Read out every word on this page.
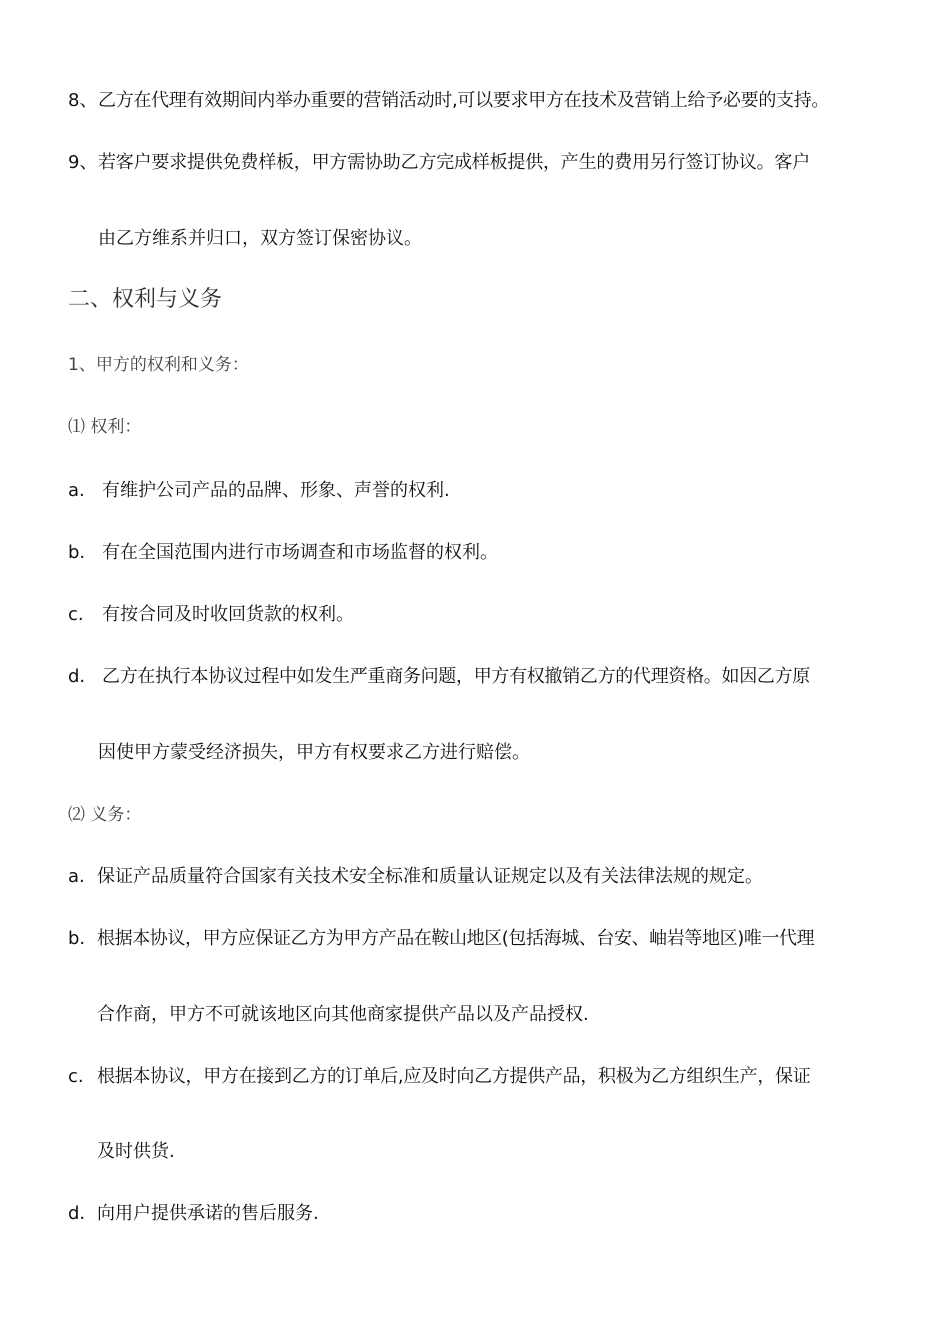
8、乙方在代理有效期间内举办重要的营销活动时,可以要求甲方在技术及营销上给予必要的支持。
9、若客户要求提供免费样板，甲方需协助乙方完成样板提供，产生的费用另行签订协议。客户
由乙方维系并归口，双方签订保密协议。
二、权利与义务
1、甲方的权利和义务：
⑴ 权利：
a. 有维护公司产品的品牌、形象、声誉的权利.
b. 有在全国范围内进行市场调查和市场监督的权利。
c. 有按合同及时收回货款的权利。
d. 乙方在执行本协议过程中如发生严重商务问题，甲方有权撤销乙方的代理资格。如因乙方原
因使甲方蒙受经济损失，甲方有权要求乙方进行赔偿。
⑵ 义务：
a. 保证产品质量符合国家有关技术安全标准和质量认证规定以及有关法律法规的规定。
b. 根据本协议，甲方应保证乙方为甲方产品在鞍山地区(包括海城、台安、岫岩等地区)唯一代理
合作商，甲方不可就该地区向其他商家提供产品以及产品授权.
c. 根据本协议，甲方在接到乙方的订单后,应及时向乙方提供产品，积极为乙方组织生产，保证
及时供货.
d. 向用户提供承诺的售后服务.
